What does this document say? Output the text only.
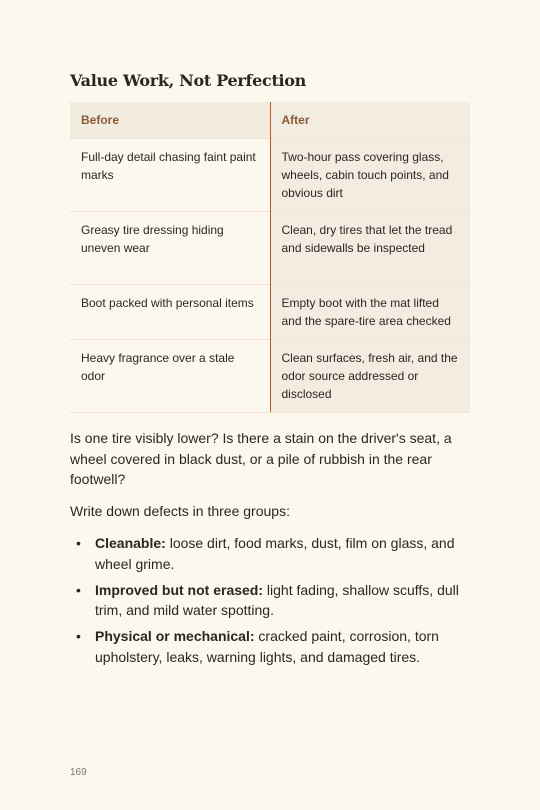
Value Work, Not Perfection
Before	After
Full-day detail chasing faint paint marks	Two-hour pass covering glass, wheels, cabin touch points, and obvious dirt
Greasy tire dressing hiding uneven wear	Clean, dry tires that let the tread and sidewalls be inspected
Boot packed with personal items	Empty boot with the mat lifted and the spare-tire area checked
Heavy fragrance over a stale odor	Clean surfaces, fresh air, and the odor source addressed or disclosed

Is one tire visibly lower? Is there a stain on the driver's seat, a wheel covered in black dust, or a pile of rubbish in the rear footwell?

Write down defects in three groups:

• Cleanable: loose dirt, food marks, dust, film on glass, and wheel grime.
• Improved but not erased: light fading, shallow scuffs, dull trim, and mild water spotting.
• Physical or mechanical: cracked paint, corrosion, torn upholstery, leaks, warning lights, and damaged tires.
169
